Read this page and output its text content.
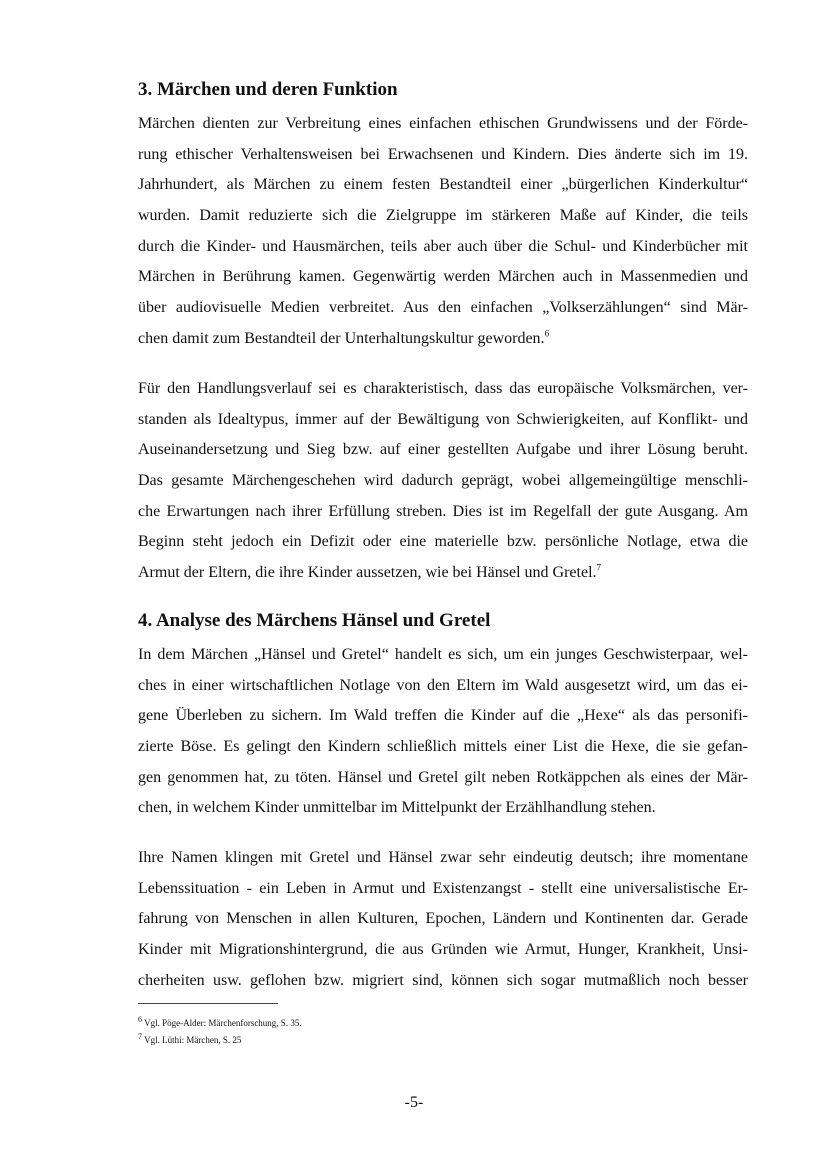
3. Märchen und deren Funktion
Märchen dienten zur Verbreitung eines einfachen ethischen Grundwissens und der Förde-
rung ethischer Verhaltensweisen bei Erwachsenen und Kindern. Dies änderte sich im 19.
Jahrhundert, als Märchen zu einem festen Bestandteil einer „bürgerlichen Kinderkultur“
wurden. Damit reduzierte sich die Zielgruppe im stärkeren Maße auf Kinder, die teils
durch die Kinder- und Hausmärchen, teils aber auch über die Schul- und Kinderbücher mit
Märchen in Berührung kamen. Gegenwärtig werden Märchen auch in Massenmedien und
über audiovisuelle Medien verbreitet. Aus den einfachen „Volkserzählungen“ sind Mär-
chen damit zum Bestandteil der Unterhaltungskultur geworden.$^6$
Für den Handlungsverlauf sei es charakteristisch, dass das europäische Volksmärchen, ver-
standen als Idealtypus, immer auf der Bewältigung von Schwierigkeiten, auf Konflikt- und
Auseinandersetzung und Sieg bzw. auf einer gestellten Aufgabe und ihrer Lösung beruht.
Das gesamte Märchengeschehen wird dadurch geprägt, wobei allgemeingültige menschli-
che Erwartungen nach ihrer Erfüllung streben. Dies ist im Regelfall der gute Ausgang. Am
Beginn steht jedoch ein Defizit oder eine materielle bzw. persönliche Notlage, etwa die
Armut der Eltern, die ihre Kinder aussetzen, wie bei Hänsel und Gretel.$^7$
4. Analyse des Märchens Hänsel und Gretel
In dem Märchen „Hänsel und Gretel“ handelt es sich, um ein junges Geschwisterpaar, wel-
ches in einer wirtschaftlichen Notlage von den Eltern im Wald ausgesetzt wird, um das ei-
gene Überleben zu sichern. Im Wald treffen die Kinder auf die „Hexe“ als das personifi-
zierte Böse. Es gelingt den Kindern schließlich mittels einer List die Hexe, die sie gefan-
gen genommen hat, zu töten. Hänsel und Gretel gilt neben Rotkäppchen als eines der Mär-
chen, in welchem Kinder unmittelbar im Mittelpunkt der Erzählhandlung stehen.
Ihre Namen klingen mit Gretel und Hänsel zwar sehr eindeutig deutsch; ihre momentane
Lebenssituation - ein Leben in Armut und Existenzangst - stellt eine universalistische Er-
fahrung von Menschen in allen Kulturen, Epochen, Ländern und Kontinenten dar. Gerade
Kinder mit Migrationshintergrund, die aus Gründen wie Armut, Hunger, Krankheit, Unsi-
cherheiten usw. geflohen bzw. migriert sind, können sich sogar mutmaßlich noch besser
$^6$ Vgl. Pöge-Alder: Märchenforschung, S. 35.
$^7$ Vgl. Lüthi: Märchen, S. 25
-5-
